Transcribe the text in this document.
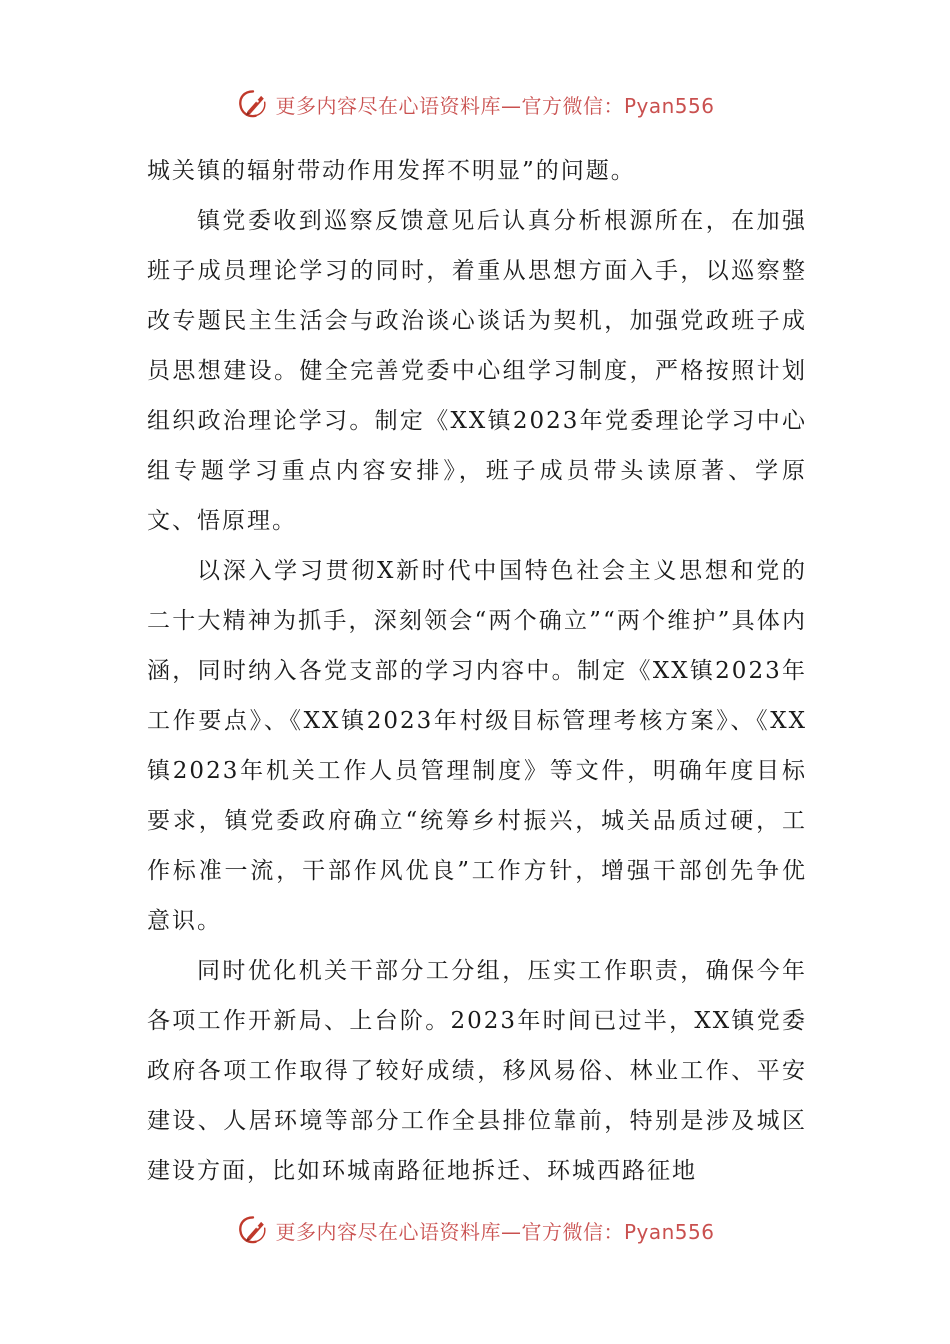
更多内容尽在心语资料库—官方微信：Pyan556

城关镇的辐射带动作用发挥不明显”的问题。

镇党委收到巡察反馈意见后认真分析根源所在，在加强班子成员理论学习的同时，着重从思想方面入手，以巡察整改专题民主生活会与政治谈心谈话为契机，加强党政班子成员思想建设。健全完善党委中心组学习制度，严格按照计划组织政治理论学习。制定《XX镇2023年党委理论学习中心组专题学习重点内容安排》，班子成员带头读原著、学原文、悟原理。

以深入学习贯彻X新时代中国特色社会主义思想和党的二十大精神为抓手，深刻领会“两个确立”“两个维护”具体内涵，同时纳入各党支部的学习内容中。制定《XX镇2023年工作要点》、《XX镇2023年村级目标管理考核方案》、《XX镇2023年机关工作人员管理制度》等文件，明确年度目标要求，镇党委政府确立“统筹乡村振兴，城关品质过硬，工作标准一流，干部作风优良”工作方针，增强干部创先争优意识。

同时优化机关干部分工分组，压实工作职责，确保今年各项工作开新局、上台阶。2023年时间已过半，XX镇党委政府各项工作取得了较好成绩，移风易俗、林业工作、平安建设、人居环境等部分工作全县排位靠前，特别是涉及城区建设方面，比如环城南路征地拆迁、环城西路征地

更多内容尽在心语资料库—官方微信：Pyan556
